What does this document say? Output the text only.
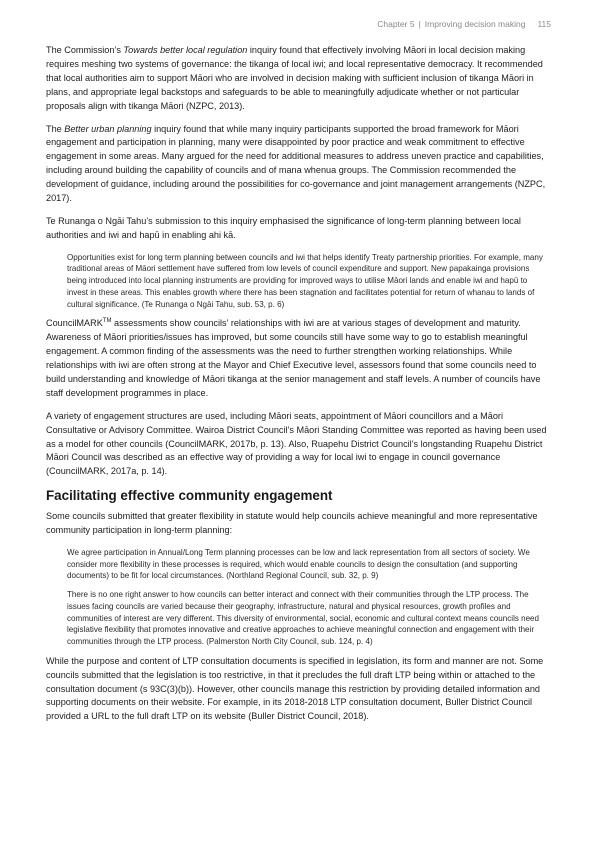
Chapter 5 | Improving decision making 115

The Commission’s Towards better local regulation inquiry found that effectively involving Māori in local decision making requires meshing two systems of governance: the tikanga of local iwi; and local representative democracy. It recommended that local authorities aim to support Māori who are involved in decision making with sufficient inclusion of tikanga Māori in plans, and appropriate legal backstops and safeguards to be able to meaningfully adjudicate whether or not particular proposals align with tikanga Māori (NZPC, 2013).

The Better urban planning inquiry found that while many inquiry participants supported the broad framework for Māori engagement and participation in planning, many were disappointed by poor practice and weak commitment to effective engagement in some areas. Many argued for the need for additional measures to address uneven practice and capabilities, including around building the capability of councils and of mana whenua groups. The Commission recommended the development of guidance, including around the possibilities for co-governance and joint management arrangements (NZPC, 2017).

Te Runanga o Ngāi Tahu’s submission to this inquiry emphasised the significance of long-term planning between local authorities and iwi and hapū in enabling ahi kā.

Opportunities exist for long term planning between councils and iwi that helps identify Treaty partnership priorities. For example, many traditional areas of Māori settlement have suffered from low levels of council expenditure and support. New papakainga provisions being introduced into local planning instruments are providing for improved ways to utilise Māori lands and enable iwi and hapū to invest in these areas. This enables growth where there has been stagnation and facilitates potential for return of whanau to lands of cultural significance. (Te Runanga o Ngāi Tahu, sub. 53, p. 6)

CouncilMARK™ assessments show councils’ relationships with iwi are at various stages of development and maturity. Awareness of Māori priorities/issues has improved, but some councils still have some way to go to establish meaningful engagement. A common finding of the assessments was the need to further strengthen working relationships. While relationships with iwi are often strong at the Mayor and Chief Executive level, assessors found that some councils need to build understanding and knowledge of Māori tikanga at the senior management and staff levels. A number of councils have staff development programmes in place.

A variety of engagement structures are used, including Māori seats, appointment of Māori councillors and a Māori Consultative or Advisory Committee. Wairoa District Council’s Māori Standing Committee was reported as having been used as a model for other councils (CouncilMARK, 2017b, p. 13). Also, Ruapehu District Council’s longstanding Ruapehu District Māori Council was described as an effective way of providing a way for local iwi to engage in council governance (CouncilMARK, 2017a, p. 14).

Facilitating effective community engagement

Some councils submitted that greater flexibility in statute would help councils achieve meaningful and more representative community participation in long-term planning:

We agree participation in Annual/Long Term planning processes can be low and lack representation from all sectors of society. We consider more flexibility in these processes is required, which would enable councils to design the consultation (and supporting documents) to be fit for local circumstances. (Northland Regional Council, sub. 32, p. 9)

There is no one right answer to how councils can better interact and connect with their communities through the LTP process. The issues facing councils are varied because their geography, infrastructure, natural and physical resources, growth profiles and communities of interest are very different. This diversity of environmental, social, economic and cultural context means councils need legislative flexibility that promotes innovative and creative approaches to achieve meaningful connection and engagement with their communities through the LTP process. (Palmerston North City Council, sub. 124, p. 4)

While the purpose and content of LTP consultation documents is specified in legislation, its form and manner are not. Some councils submitted that the legislation is too restrictive, in that it precludes the full draft LTP being within or attached to the consultation document (s 93C(3)(b)). However, other councils manage this restriction by providing detailed information and supporting documents on their website. For example, in its 2018-2018 LTP consultation document, Buller District Council provided a URL to the full draft LTP on its website (Buller District Council, 2018).
